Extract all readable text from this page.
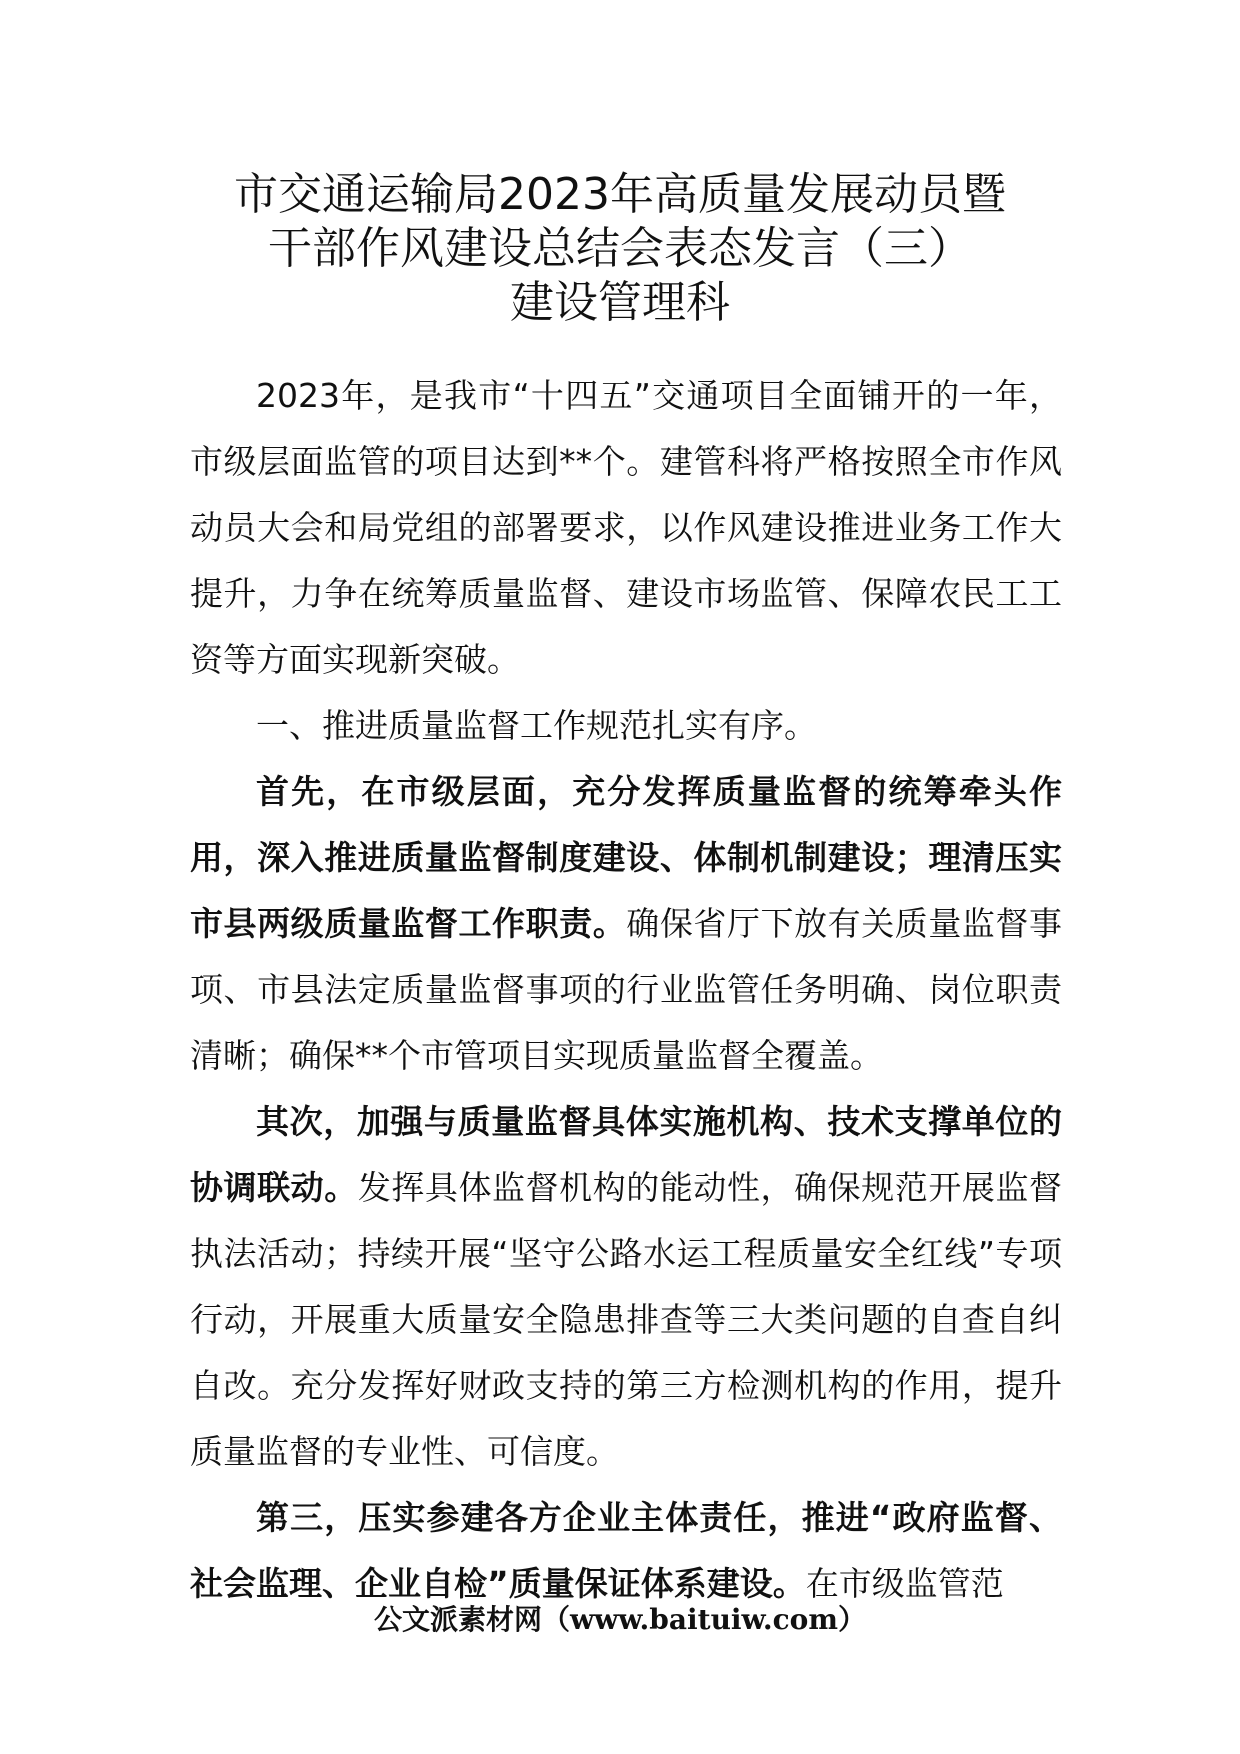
市交通运输局2023年高质量发展动员暨
干部作风建设总结会表态发言（三）
建设管理科

2023年，是我市“十四五”交通项目全面铺开的一年，市级层面监管的项目达到**个。建管科将严格按照全市作风动员大会和局党组的部署要求，以作风建设推进业务工作大提升，力争在统筹质量监督、建设市场监管、保障农民工工资等方面实现新突破。

一、推进质量监督工作规范扎实有序。

首先，在市级层面，充分发挥质量监督的统筹牵头作用，深入推进质量监督制度建设、体制机制建设；理清压实市县两级质量监督工作职责。确保省厅下放有关质量监督事项、市县法定质量监督事项的行业监管任务明确、岗位职责清晰；确保**个市管项目实现质量监督全覆盖。

其次，加强与质量监督具体实施机构、技术支撑单位的协调联动。发挥具体监督机构的能动性，确保规范开展监督执法活动；持续开展“坚守公路水运工程质量安全红线”专项行动，开展重大质量安全隐患排查等三大类问题的自查自纠自改。充分发挥好财政支持的第三方检测机构的作用，提升质量监督的专业性、可信度。

第三，压实参建各方企业主体责任，推进“政府监督、社会监理、企业自检”质量保证体系建设。在市级监管范

公文派素材网（www.baituiw.com）
